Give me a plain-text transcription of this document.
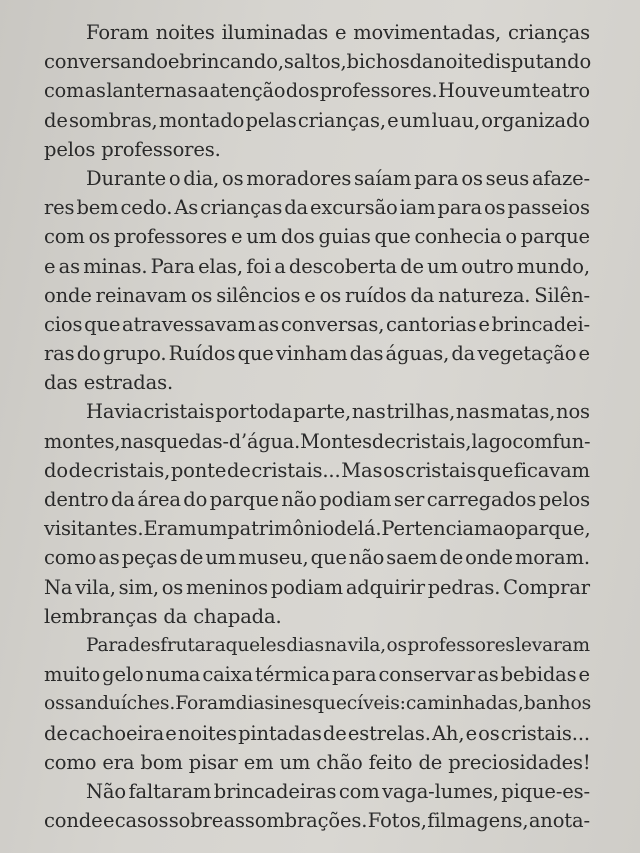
Foram noites iluminadas e movimentadas, crianças
conversando e brincando, saltos, bichos da noite disputando
com as lanternas a atenção dos professores. Houve um teatro
de sombras, montado pelas crianças, e um luau, organizado
pelos professores.
Durante o dia, os moradores saíam para os seus afaze-
res bem cedo. As crianças da excursão iam para os passeios
com os professores e um dos guias que conhecia o parque
e as minas. Para elas, foi a descoberta de um outro mundo,
onde reinavam os silêncios e os ruídos da natureza. Silên-
cios que atravessavam as conversas, cantorias e brincadei-
ras do grupo. Ruídos que vinham das águas, da vegetação e
das estradas.
Havia cristais por toda parte, nas trilhas, nas matas, nos
montes, nas quedas-d’água. Montes de cristais, lago com fun-
do de cristais, ponte de cristais... Mas os cristais que ficavam
dentro da área do parque não podiam ser carregados pelos
visitantes. Eram um patrimônio de lá. Pertenciam ao parque,
como as peças de um museu, que não saem de onde moram.
Na vila, sim, os meninos podiam adquirir pedras. Comprar
lembranças da chapada.
Para desfrutar aqueles dias na vila, os professores levaram
muito gelo numa caixa térmica para conservar as bebidas e
os sanduíches. Foram dias inesquecíveis: caminhadas, banhos
de cachoeira e noites pintadas de estrelas. Ah, e os cristais...
como era bom pisar em um chão feito de preciosidades!
Não faltaram brincadeiras com vaga-lumes, pique-es-
conde e casos sobre assombrações. Fotos, filmagens, anota-
